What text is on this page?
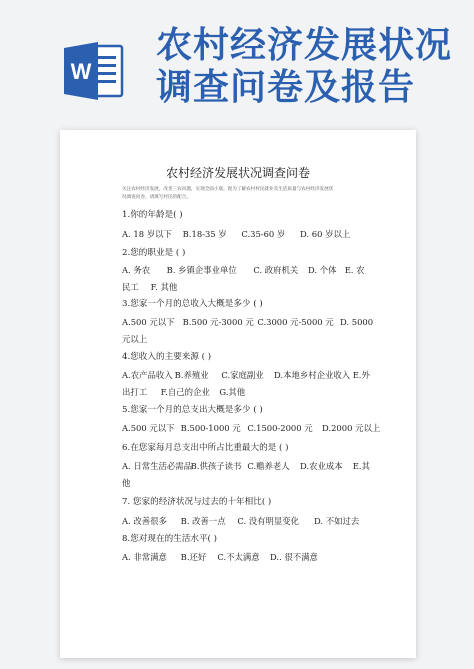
W
农村经济发展状况
调查问卷及报告
农村经济发展状况调查问卷
关注农村经济发展，改善三农问题，实现全面小康。现为了解农村村民就业及生活质量与农村经济发展状
况调查问卷，请填写村民的配合。
1.你的年龄是( )
A. 18 岁以下 B.18-35 岁 C.35-60 岁 D. 60 岁以上
2.您的职业是 ( )
A. 务农 B. 乡镇企事业单位 C. 政府机关 D. 个体 E. 农
民工 F. 其他
3.您家一个月的总收入大概是多少 ( )
A.500 元以下 B.500 元-3000 元 C.3000 元-5000 元 D. 5000
元以上
4.您收入的主要来源 ( )
A.农产品收入 B.养殖业 C.家庭副业 D.本地乡村企业收入 E.外
出打工 F.自己的企业 G.其他
5.您家一个月的总支出大概是多少 ( )
A.500 元以下 B.500-1000 元 C.1500-2000 元 D.2000 元以上
6.在您家每月总支出中所占比重最大的是 ( )
A. 日常生活必需品 B.供孩子读书 C.赡养老人 D.农业成本 E.其
他
7. 您家的经济状况与过去的十年相比( )
A. 改善很多 B. 改善一点 C. 没有明显变化 D. 不如过去
8.您对现在的生活水平( )
A. 非常满意 B.还好 C.不太满意 D.. 很不满意
